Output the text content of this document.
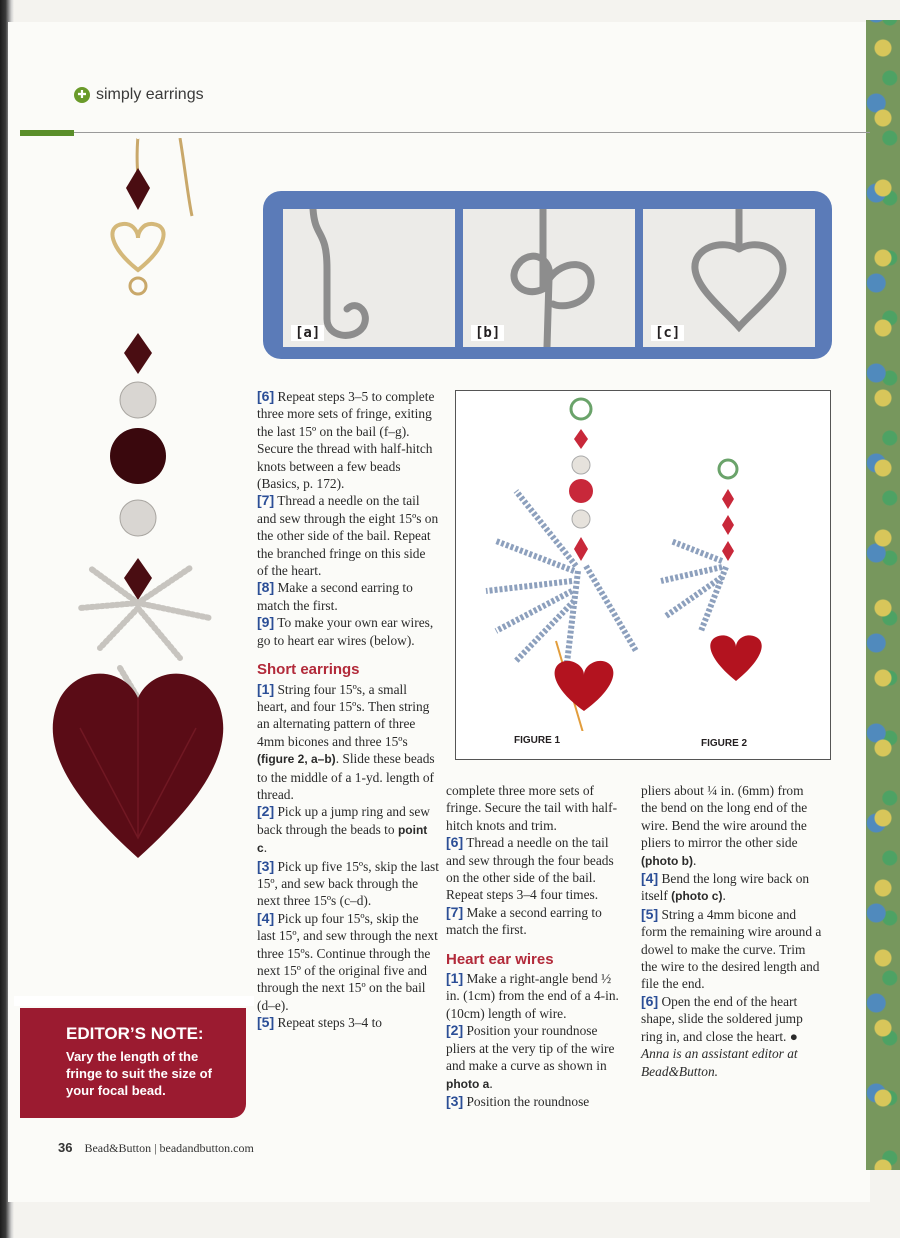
✚ simply earrings
[a]	[b]	[c]
FIGURE 1	FIGURE 2

[6] Repeat steps 3–5 to complete three more sets of fringe, exiting the last 15º on the bail (f–g). Secure the thread with half-hitch knots between a few beads (Basics, p. 172).

[7] Thread a needle on the tail and sew through the eight 15ºs on the other side of the bail. Repeat the branched fringe on this side of the heart.

[8] Make a second earring to match the first.

[9] To make your own ear wires, go to heart ear wires (below).

Short earrings

[1] String four 15ºs, a small heart, and four 15ºs. Then string an alternating pattern of three 4mm bicones and three 15ºs (figure 2, a–b). Slide these beads to the middle of a 1-yd. length of thread.

[2] Pick up a jump ring and sew back through the beads to point c.

[3] Pick up five 15ºs, skip the last 15º, and sew back through the next three 15ºs (c–d).

[4] Pick up four 15ºs, skip the last 15º, and sew through the next three 15ºs. Continue through the next 15º of the original five and through the next 15º on the bail (d–e).

[5] Repeat steps 3–4 to

complete three more sets of fringe. Secure the tail with half-hitch knots and trim.

[6] Thread a needle on the tail and sew through the four beads on the other side of the bail. Repeat steps 3–4 four times.

[7] Make a second earring to match the first.

Heart ear wires

[1] Make a right-angle bend ½ in. (1cm) from the end of a 4-in. (10cm) length of wire.

[2] Position your roundnose pliers at the very tip of the wire and make a curve as shown in photo a.

[3] Position the roundnose

pliers about ¼ in. (6mm) from the bend on the long end of the wire. Bend the wire around the pliers to mirror the other side (photo b).

[4] Bend the long wire back on itself (photo c).

[5] String a 4mm bicone and form the remaining wire around a dowel to make the curve. Trim the wire to the desired length and file the end.

[6] Open the end of the heart shape, slide the soldered jump ring in, and close the heart. ●

Anna is an assistant editor at Bead&Button.

EDITOR’S NOTE:
Vary the length of the fringe to suit the size of your focal bead.
36 Bead&Button | beadandbutton.com
